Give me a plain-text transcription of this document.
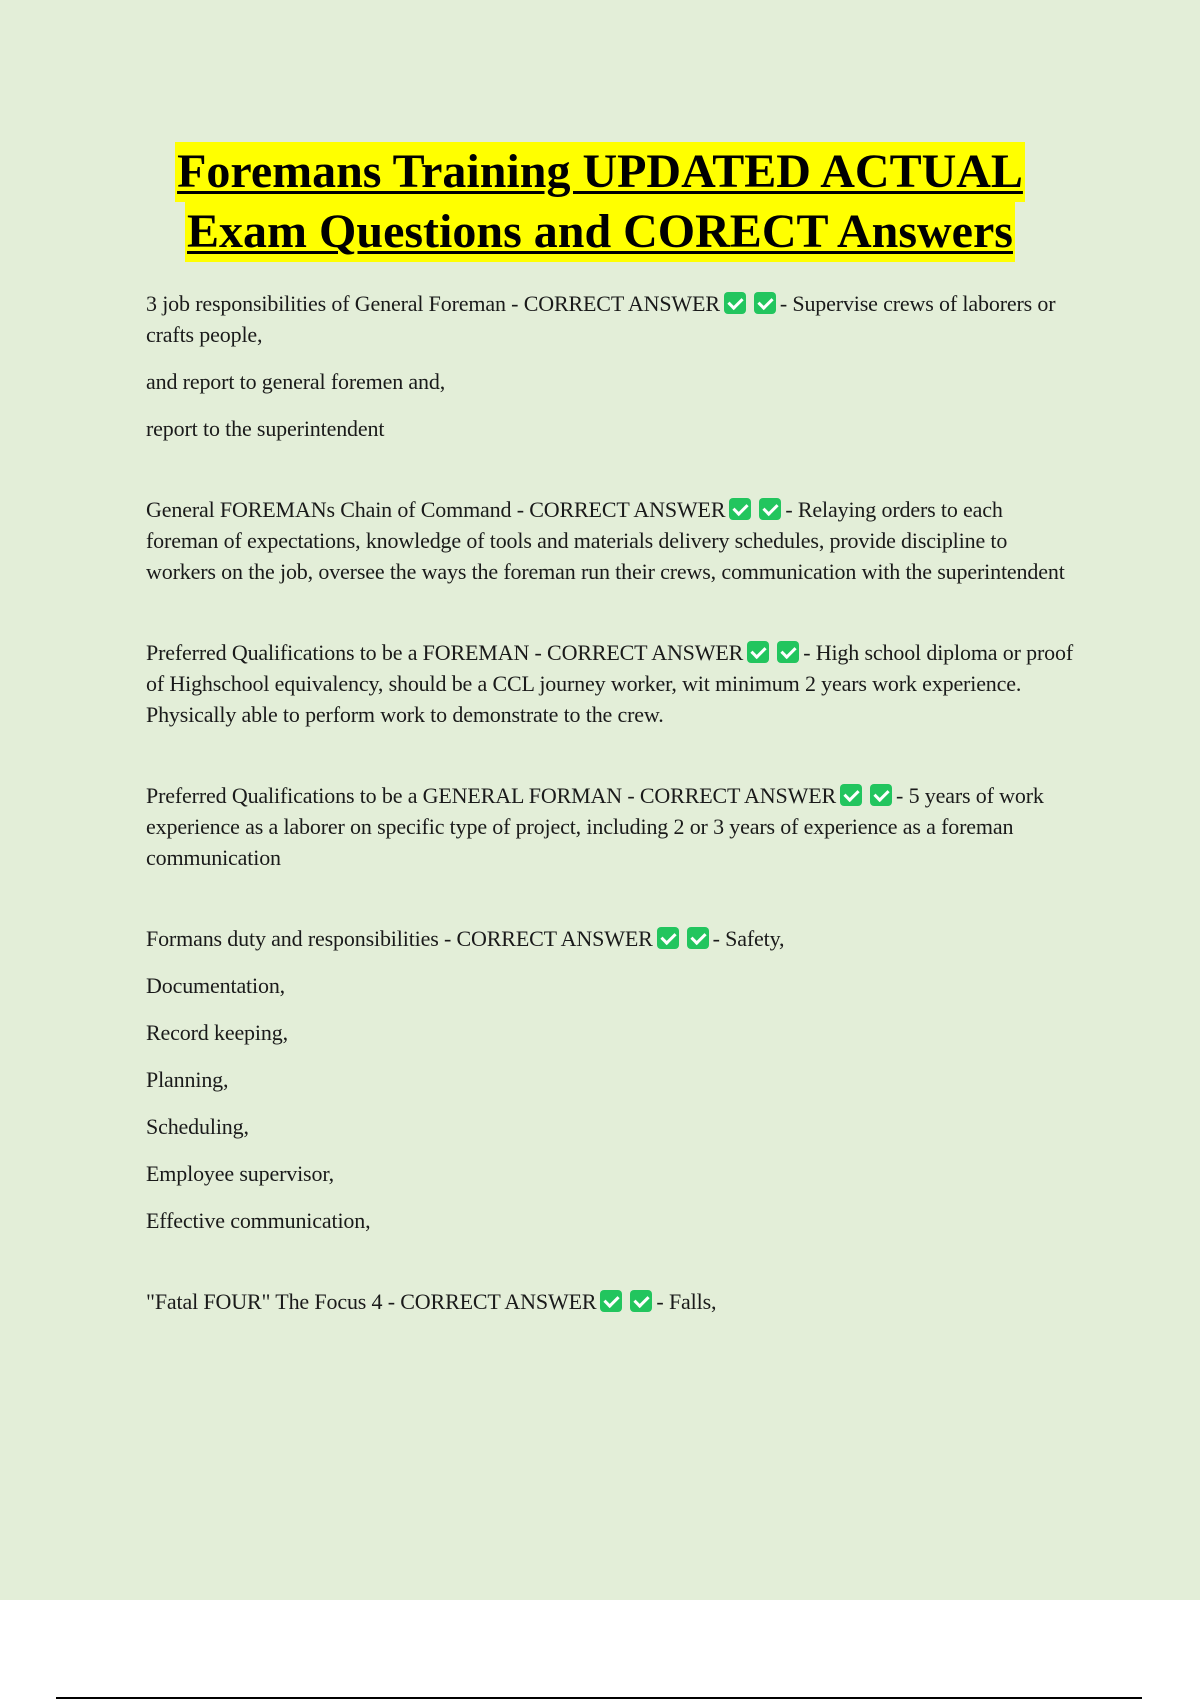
Foremans Training UPDATED ACTUAL
Exam Questions and CORECT Answers

3 job responsibilities of General Foreman - CORRECT ANSWER	- Supervise crews of laborers or crafts people,

and report to general foremen and,

report to the superintendent

General FOREMANs Chain of Command - CORRECT ANSWER	- Relaying orders to each foreman of expectations, knowledge of tools and materials delivery schedules, provide discipline to workers on the job, oversee the ways the foreman run their crews, communication with the superintendent

Preferred Qualifications to be a FOREMAN - CORRECT ANSWER	- High school diploma or proof of Highschool equivalency, should be a CCL journey worker, wit minimum 2 years work experience. Physically able to perform work to demonstrate to the crew.

Preferred Qualifications to be a GENERAL FORMAN - CORRECT ANSWER	- 5 years of work experience as a laborer on specific type of project, including 2 or 3 years of experience as a foreman communication

Formans duty and responsibilities - CORRECT ANSWER	- Safety,

Documentation,

Record keeping,

Planning,

Scheduling,

Employee supervisor,

Effective communication,

"Fatal FOUR" The Focus 4 - CORRECT ANSWER	- Falls,
